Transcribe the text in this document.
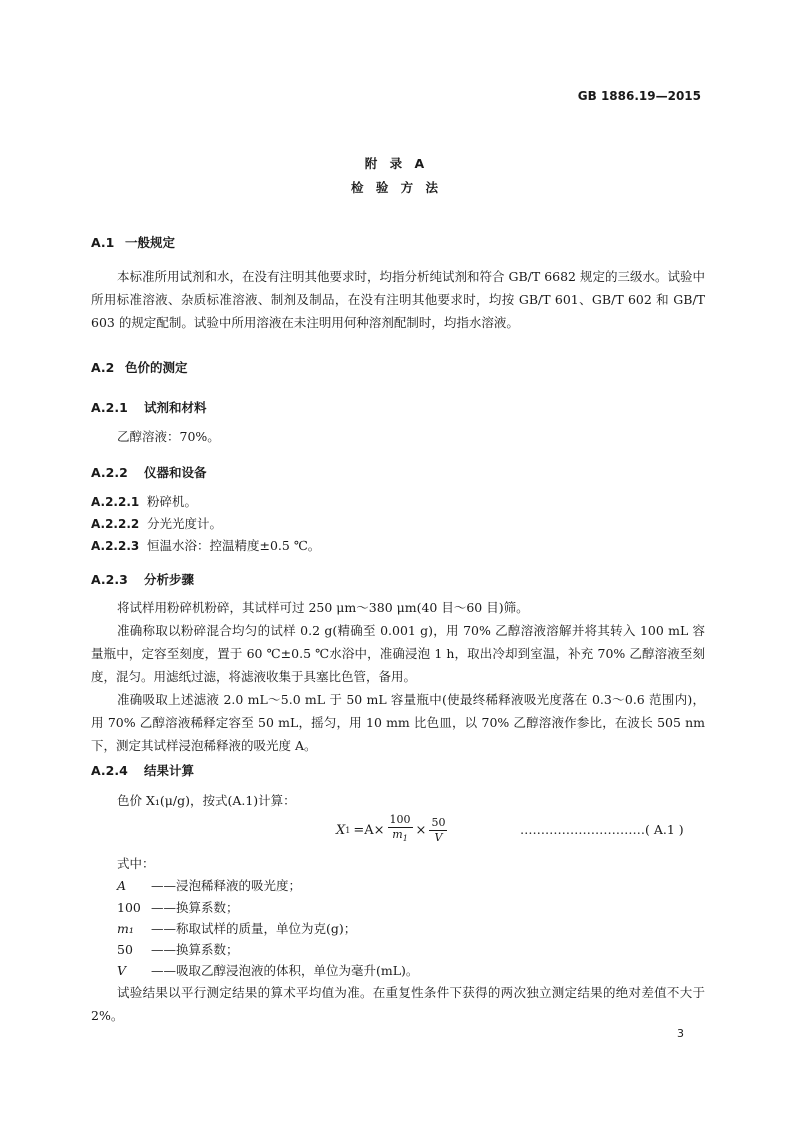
GB 1886.19—2015
附 录 A
检 验 方 法
A.1 一般规定
本标准所用试剂和水，在没有注明其他要求时，均指分析纯试剂和符合 GB/T 6682 规定的三级水。试验中所用标准溶液、杂质标准溶液、制剂及制品，在没有注明其他要求时，均按 GB/T 601、GB/T 602 和 GB/T 603 的规定配制。试验中所用溶液在未注明用何种溶剂配制时，均指水溶液。
A.2 色价的测定
A.2.1 试剂和材料
乙醇溶液：70%。
A.2.2 仪器和设备
A.2.2.1 粉碎机。
A.2.2.2 分光光度计。
A.2.2.3 恒温水浴：控温精度±0.5 ℃。
A.2.3 分析步骤
将试样用粉碎机粉碎，其试样可过 250 μm～380 μm(40 目～60 目)筛。
准确称取以粉碎混合均匀的试样 0.2 g(精确至 0.001 g)，用 70% 乙醇溶液溶解并将其转入 100 mL 容量瓶中，定容至刻度，置于 60 ℃±0.5 ℃水浴中，准确浸泡 1 h，取出冷却到室温，补充 70% 乙醇溶液至刻度，混匀。用滤纸过滤，将滤液收集于具塞比色管，备用。
准确吸取上述滤液 2.0 mL～5.0 mL 于 50 mL 容量瓶中(使最终稀释液吸光度落在 0.3～0.6 范围内)，用 70% 乙醇溶液稀释定容至 50 mL，摇匀，用 10 mm 比色皿，以 70% 乙醇溶液作参比，在波长 505 nm 下，测定其试样浸泡稀释液的吸光度 A。
A.2.4 结果计算
色价 X₁(μ/g)，按式(A.1)计算：
X $1 =A\times \frac{100}{m_1} \times \frac{50}{V}$	…………………………( A.1 )
式中：
A ——浸泡稀释液的吸光度；
100 ——换算系数；
m₁ ——称取试样的质量，单位为克(g)；
50 ——换算系数；
V ——吸取乙醇浸泡液的体积，单位为毫升(mL)。
试验结果以平行测定结果的算术平均值为准。在重复性条件下获得的两次独立测定结果的绝对差值不大于 2%。
3
